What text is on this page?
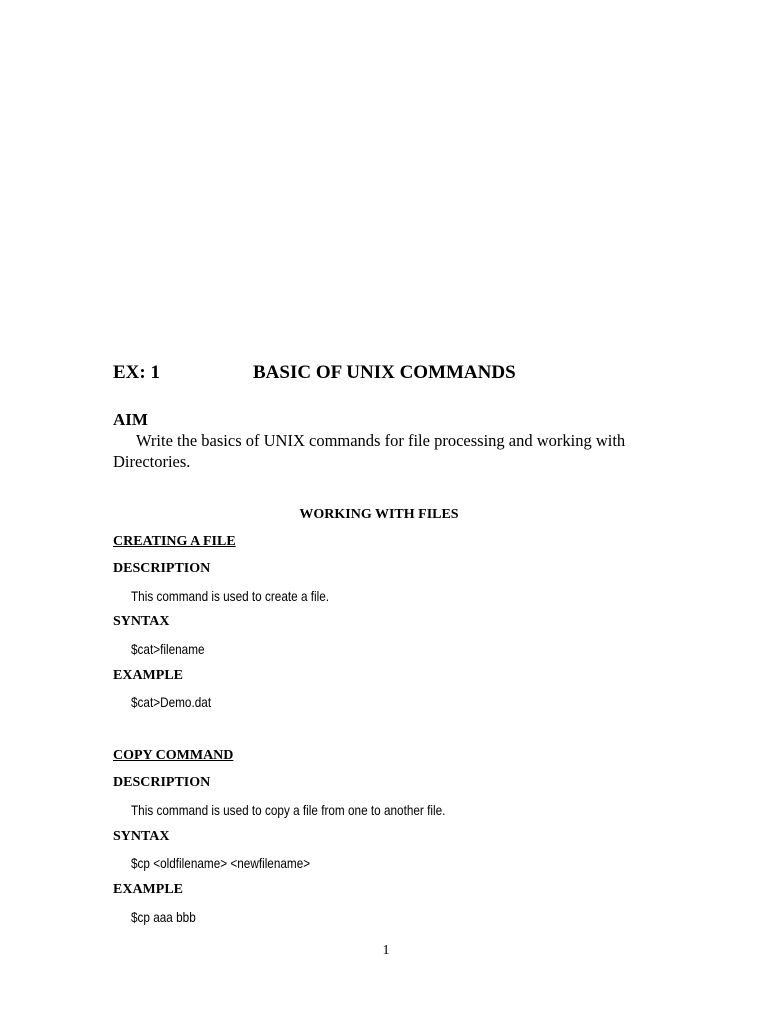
EX: 1	BASIC OF UNIX COMMANDS
AIM
Write the basics of UNIX commands for file processing and working with Directories.
WORKING WITH FILES
CREATING A FILE
DESCRIPTION
This command is used to create a file.
SYNTAX
$cat>filename
EXAMPLE
$cat>Demo.dat
COPY COMMAND
DESCRIPTION
This command is used to copy a file from one to another file.
SYNTAX
$cp <oldfilename> <newfilename>
EXAMPLE
$cp aaa bbb
1
